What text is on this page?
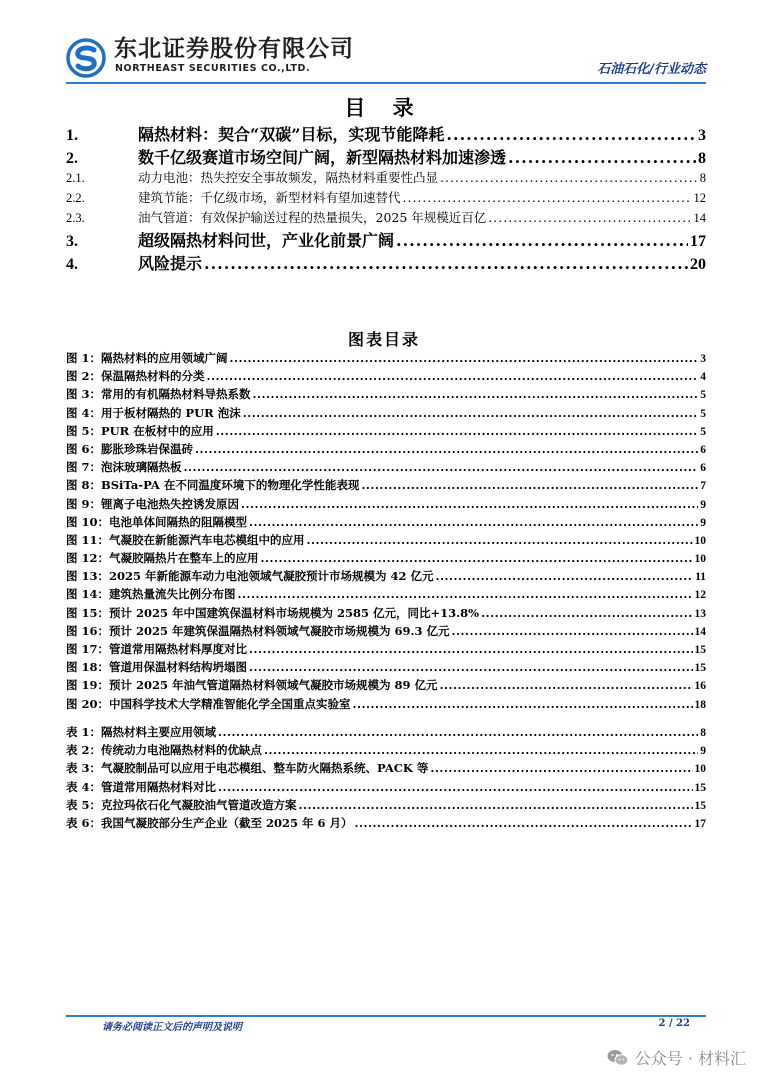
东北证券股份有限公司
NORTHEAST SECURITIES CO.,LTD.	石油石化/行业动态
目 录
1.	隔热材料：契合“双碳”目标，实现节能降耗 .....	3
2.	数千亿级赛道市场空间广阔，新型隔热材料加速渗透 .....	8
2.1.	动力电池：热失控安全事故频发，隔热材料重要性凸显 .....	8
2.2.	建筑节能：千亿级市场，新型材料有望加速替代 .....	12
2.3.	油气管道：有效保护输送过程的热量损失，2025 年规模近百亿 .....	14
3.	超级隔热材料问世，产业化前景广阔 .....	17
4.	风险提示 .....	20
图表目录
图 1：隔热材料的应用领域广阔 .....	3
图 2：保温隔热材料的分类 .....	4
图 3：常用的有机隔热材料导热系数 .....	5
图 4：用于板材隔热的 PUR 泡沫 .....	5
图 5：PUR 在板材中的应用 .....	5
图 6：膨胀珍珠岩保温砖 .....	6
图 7：泡沫玻璃隔热板 .....	6
图 8：BSiTa-PA 在不同温度环境下的物理化学性能表现 .....	7
图 9：锂离子电池热失控诱发原因 .....	9
图 10：电池单体间隔热的阻隔模型 .....	9
图 11：气凝胶在新能源汽车电芯模组中的应用 .....	10
图 12：气凝胶隔热片在整车上的应用 .....	10
图 13：2025 年新能源车动力电池领域气凝胶预计市场规模为 42 亿元 .....	11
图 14：建筑热量流失比例分布图 .....	12
图 15：预计 2025 年中国建筑保温材料市场规模为 2585 亿元，同比+13.8% .....	13
图 16：预计 2025 年建筑保温隔热材料领域气凝胶市场规模为 69.3 亿元 .....	14
图 17：管道常用隔热材料厚度对比 .....	15
图 18：管道用保温材料结构坍塌图 .....	15
图 19：预计 2025 年油气管道隔热材料领域气凝胶市场规模为 89 亿元 .....	16
图 20：中国科学技术大学精准智能化学全国重点实验室 .....	18
表 1：隔热材料主要应用领域 .....	8
表 2：传统动力电池隔热材料的优缺点 .....	9
表 3：气凝胶制品可以应用于电芯模组、整车防火隔热系统、PACK 等 .....	10
表 4：管道常用隔热材料对比 .....	15
表 5：克拉玛依石化气凝胶油气管道改造方案 .....	15
表 6：我国气凝胶部分生产企业（截至 2025 年 6 月） .....	17
请务必阅读正文后的声明及说明	2 / 22
公众号 · 材料汇
